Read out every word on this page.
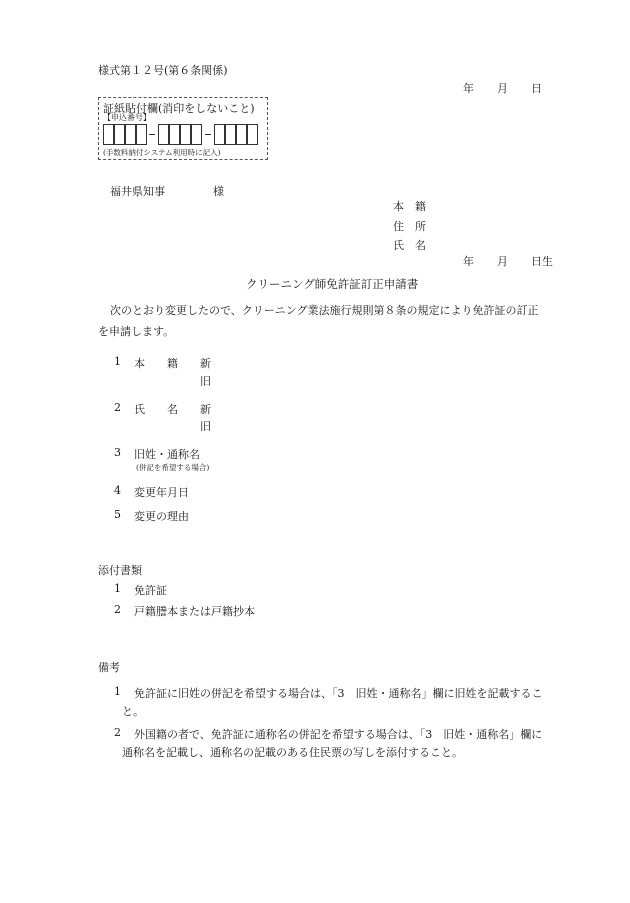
様式第１２号(第６条関係)
年 月 日
証紙貼付欄(消印をしないこと)
【申込番号】
(手数料納付システム利用時に記入)
福井県知事	様
本　籍
住　所
氏　名
年 月 日生
クリーニング師免許証訂正申請書
次のとおり変更したので、クリーニング業法施行規則第８条の規定により免許証の訂正
を申請します。
1 本　　籍 新
旧
2 氏　　名 新
旧
3 旧姓・通称名
(併記を希望する場合)
4 変更年月日
5 変更の理由
添付書類
1 免許証
2 戸籍謄本または戸籍抄本
備考
1 免許証に旧姓の併記を希望する場合は、「3　旧姓・通称名」欄に旧姓を記載するこ
と。
2 外国籍の者で、免許証に通称名の併記を希望する場合は、「3　旧姓・通称名」欄に
通称名を記載し、通称名の記載のある住民票の写しを添付すること。
